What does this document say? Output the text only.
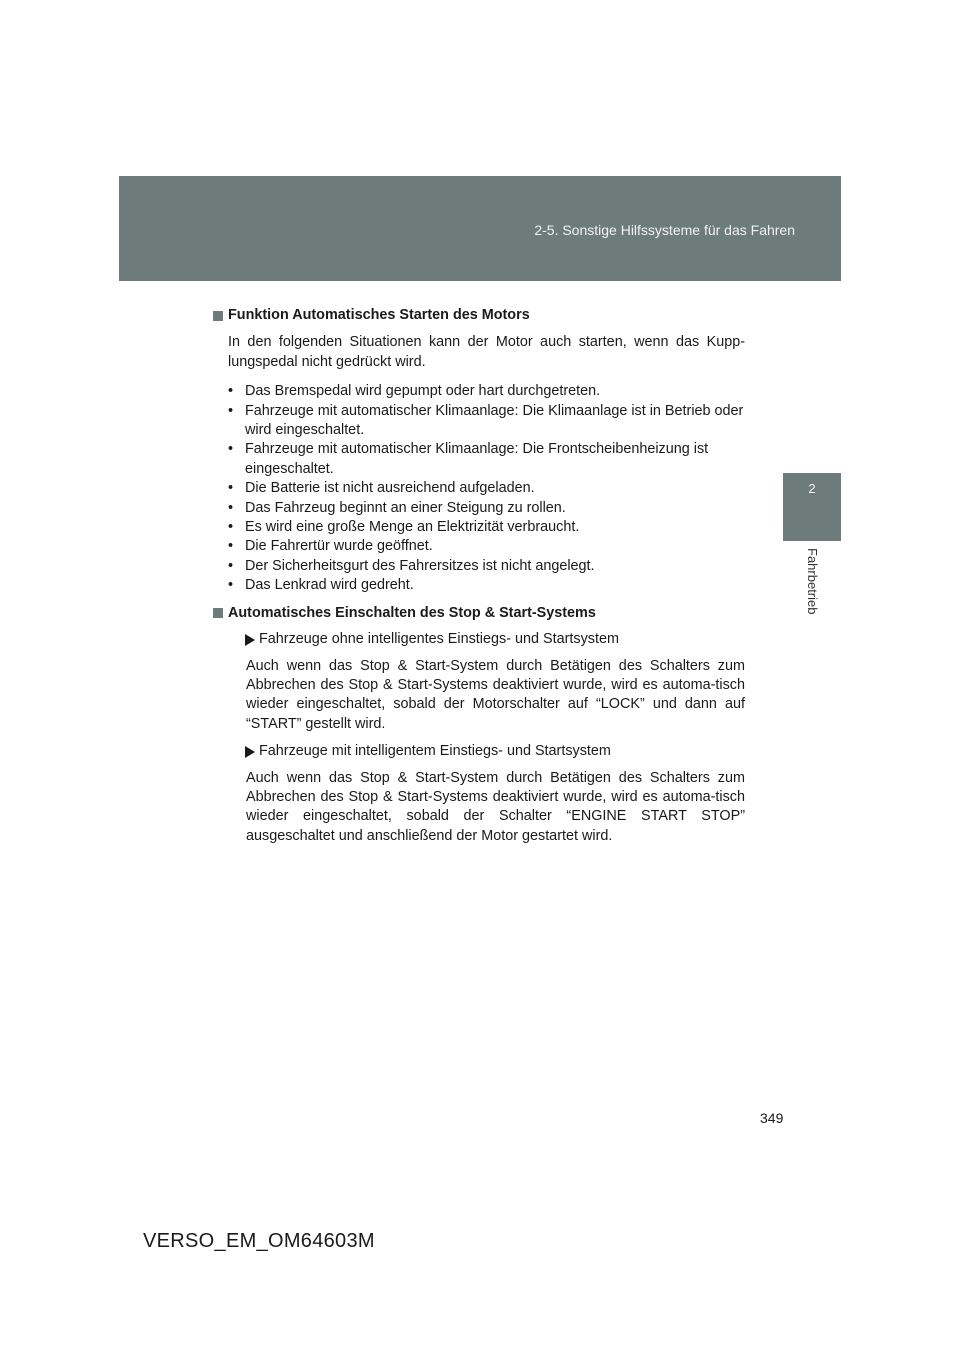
2-5. Sonstige Hilfssysteme für das Fahren
2
Fahrbetrieb

Funktion Automatisches Starten des Motors

In den folgenden Situationen kann der Motor auch starten, wenn das Kupp-lungspedal nicht gedrückt wird.

• Das Bremspedal wird gepumpt oder hart durchgetreten.
• Fahrzeuge mit automatischer Klimaanlage: Die Klimaanlage ist in Betrieb oder wird eingeschaltet.
• Fahrzeuge mit automatischer Klimaanlage: Die Frontscheibenheizung ist eingeschaltet.
• Die Batterie ist nicht ausreichend aufgeladen.
• Das Fahrzeug beginnt an einer Steigung zu rollen.
• Es wird eine große Menge an Elektrizität verbraucht.
• Die Fahrertür wurde geöffnet.
• Der Sicherheitsgurt des Fahrersitzes ist nicht angelegt.
• Das Lenkrad wird gedreht.

Automatisches Einschalten des Stop & Start-Systems

Fahrzeuge ohne intelligentes Einstiegs- und Startsystem

Auch wenn das Stop & Start-System durch Betätigen des Schalters zum Abbrechen des Stop & Start-Systems deaktiviert wurde, wird es automa-tisch wieder eingeschaltet, sobald der Motorschalter auf “LOCK” und dann auf “START” gestellt wird.

Fahrzeuge mit intelligentem Einstiegs- und Startsystem

Auch wenn das Stop & Start-System durch Betätigen des Schalters zum Abbrechen des Stop & Start-Systems deaktiviert wurde, wird es automa-tisch wieder eingeschaltet, sobald der Schalter “ENGINE START STOP” ausgeschaltet und anschließend der Motor gestartet wird.

349
VERSO_EM_OM64603M
